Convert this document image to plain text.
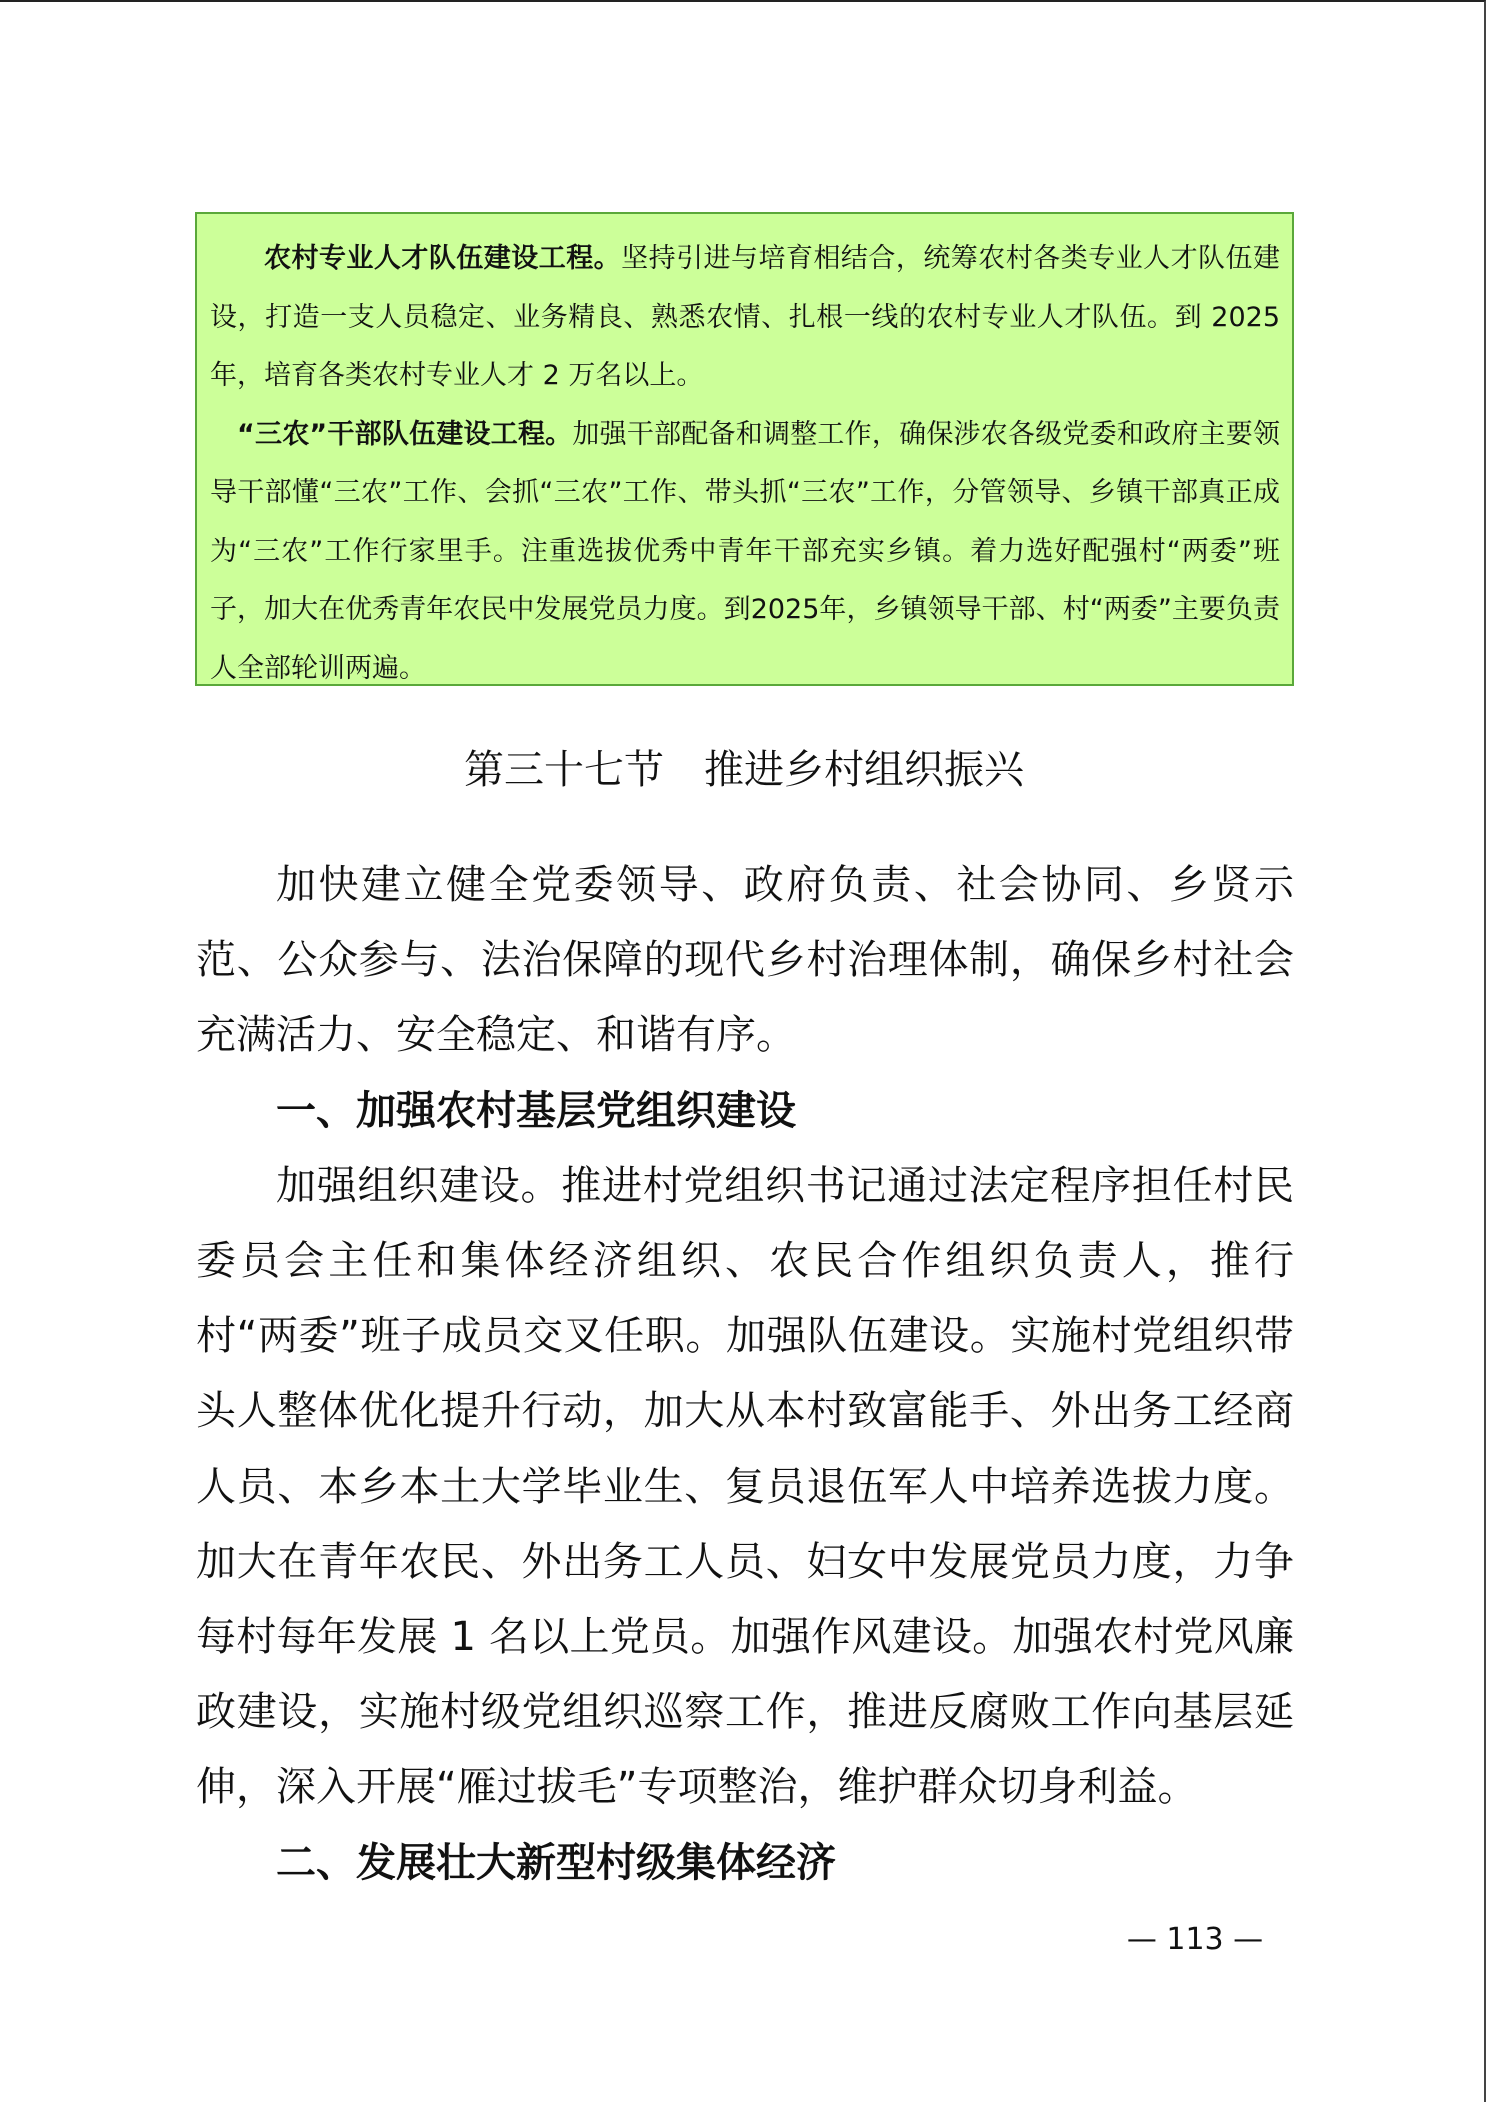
农村专业人才队伍建设工程。坚持引进与培育相结合，统筹农村各类专业人才队伍建设，打造一支人员稳定、业务精良、熟悉农情、扎根一线的农村专业人才队伍。到 2025 年，培育各类农村专业人才 2 万名以上。

“三农”干部队伍建设工程。加强干部配备和调整工作，确保涉农各级党委和政府主要领导干部懂“三农”工作、会抓“三农”工作、带头抓“三农”工作，分管领导、乡镇干部真正成为“三农”工作行家里手。注重选拔优秀中青年干部充实乡镇。着力选好配强村“两委”班子，加大在优秀青年农民中发展党员力度。到2025年，乡镇领导干部、村“两委”主要负责人全部轮训两遍。

第三十七节　推进乡村组织振兴

加快建立健全党委领导、政府负责、社会协同、乡贤示范、公众参与、法治保障的现代乡村治理体制，确保乡村社会充满活力、安全稳定、和谐有序。

一、加强农村基层党组织建设

加强组织建设。推进村党组织书记通过法定程序担任村民委员会主任和集体经济组织、农民合作组织负责人，推行村“两委”班子成员交叉任职。加强队伍建设。实施村党组织带头人整体优化提升行动，加大从本村致富能手、外出务工经商人员、本乡本土大学毕业生、复员退伍军人中培养选拔力度。加大在青年农民、外出务工人员、妇女中发展党员力度，力争每村每年发展 1 名以上党员。加强作风建设。加强农村党风廉政建设，实施村级党组织巡察工作，推进反腐败工作向基层延伸，深入开展“雁过拔毛”专项整治，维护群众切身利益。

二、发展壮大新型村级集体经济
— 113 —
